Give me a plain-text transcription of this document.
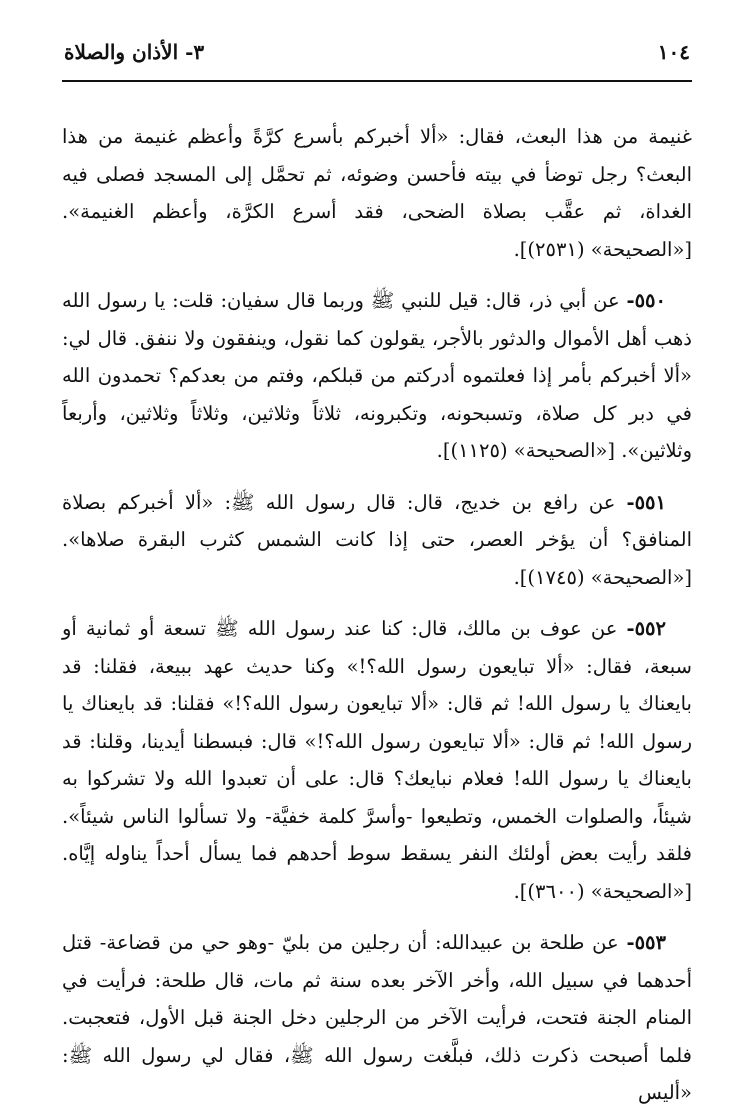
١٠٤
٣- الأذان والصلاة

غنيمة من هذا البعث، فقال: «ألا أخبركم بأسرع كرَّةً وأعظم غنيمة من هذا البعث؟ رجل توضأ في بيته فأحسن وضوئه، ثم تحمَّل إلى المسجد فصلى فيه الغداة، ثم عقَّب بصلاة الضحى، فقد أسرع الكرَّة، وأعظم الغنيمة». [«الصحيحة» (٢٥٣١)].

٥٥٠- عن أبي ذر، قال: قيل للنبي ﷺ وربما قال سفيان: قلت: يا رسول الله ذهب أهل الأموال والدثور بالأجر، يقولون كما نقول، وينفقون ولا ننفق. قال لي: «ألا أخبركم بأمر إذا فعلتموه أدركتم من قبلكم، وفتم من بعدكم؟ تحمدون الله في دبر كل صلاة، وتسبحونه، وتكبرونه، ثلاثاً وثلاثين، وثلاثاً وثلاثين، وأربعاً وثلاثين». [«الصحيحة» (١١٢٥)].

٥٥١- عن رافع بن خديج، قال: قال رسول الله ﷺ: «ألا أخبركم بصلاة المنافق؟ أن يؤخر العصر، حتى إذا كانت الشمس كثرب البقرة صلاها». [«الصحيحة» (١٧٤٥)].

٥٥٢- عن عوف بن مالك، قال: كنا عند رسول الله ﷺ تسعة أو ثمانية أو سبعة، فقال: «ألا تبايعون رسول الله؟!» وكنا حديث عهد ببيعة، فقلنا: قد بايعناك يا رسول الله! ثم قال: «ألا تبايعون رسول الله؟!» فقلنا: قد بايعناك يا رسول الله! ثم قال: «ألا تبايعون رسول الله؟!» قال: فبسطنا أيدينا، وقلنا: قد بايعناك يا رسول الله! فعلام نبايعك؟ قال: على أن تعبدوا الله ولا تشركوا به شيئاً، والصلوات الخمس، وتطيعوا -وأسرَّ كلمة خفيَّة- ولا تسألوا الناس شيئاً». فلقد رأيت بعض أولئك النفر يسقط سوط أحدهم فما يسأل أحداً يناوله إيَّاه. [«الصحيحة» (٣٦٠٠)].

٥٥٣- عن طلحة بن عبيدالله: أن رجلين من بليّ -وهو حي من قضاعة- قتل أحدهما في سبيل الله، وأخر الآخر بعده سنة ثم مات، قال طلحة: فرأيت في المنام الجنة فتحت، فرأيت الآخر من الرجلين دخل الجنة قبل الأول، فتعجبت. فلما أصبحت ذكرت ذلك، فبلَّغت رسول الله ﷺ، فقال لي رسول الله ﷺ: «أليس
